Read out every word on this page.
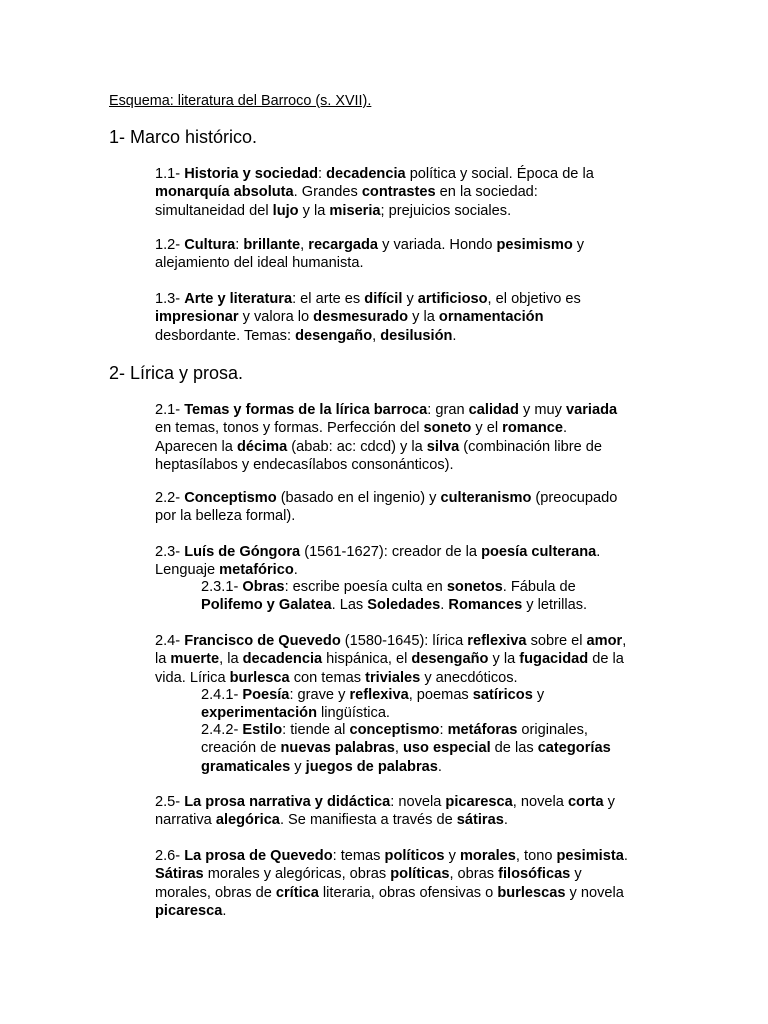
Esquema: literatura del Barroco (s. XVII).
1- Marco histórico.
1.1- Historia y sociedad: decadencia política y social. Época de la
monarquía absoluta. Grandes contrastes en la sociedad:
simultaneidad del lujo y la miseria; prejuicios sociales.
1.2- Cultura: brillante, recargada y variada. Hondo pesimismo y
alejamiento del ideal humanista.
1.3- Arte y literatura: el arte es difícil y artificioso, el objetivo es
impresionar y valora lo desmesurado y la ornamentación
desbordante. Temas: desengaño, desilusión.
2- Lírica y prosa.
2.1- Temas y formas de la lírica barroca: gran calidad y muy variada
en temas, tonos y formas. Perfección del soneto y el romance.
Aparecen la décima (abab: ac: cdcd) y la silva (combinación libre de
heptasílabos y endecasílabos consonánticos).
2.2- Conceptismo (basado en el ingenio) y culteranismo (preocupado
por la belleza formal).
2.3- Luís de Góngora (1561-1627): creador de la poesía culterana.
Lenguaje metafórico.
2.3.1- Obras: escribe poesía culta en sonetos. Fábula de
Polifemo y Galatea. Las Soledades. Romances y letrillas.
2.4- Francisco de Quevedo (1580-1645): lírica reflexiva sobre el amor,
la muerte, la decadencia hispánica, el desengaño y la fugacidad de la
vida. Lírica burlesca con temas triviales y anecdóticos.
2.4.1- Poesía: grave y reflexiva, poemas satíricos y
experimentación lingüística.
2.4.2- Estilo: tiende al conceptismo: metáforas originales,
creación de nuevas palabras, uso especial de las categorías
gramaticales y juegos de palabras.
2.5- La prosa narrativa y didáctica: novela picaresca, novela corta y
narrativa alegórica. Se manifiesta a través de sátiras.
2.6- La prosa de Quevedo: temas políticos y morales, tono pesimista.
Sátiras morales y alegóricas, obras políticas, obras filosóficas y
morales, obras de crítica literaria, obras ofensivas o burlescas y novela
picaresca.
